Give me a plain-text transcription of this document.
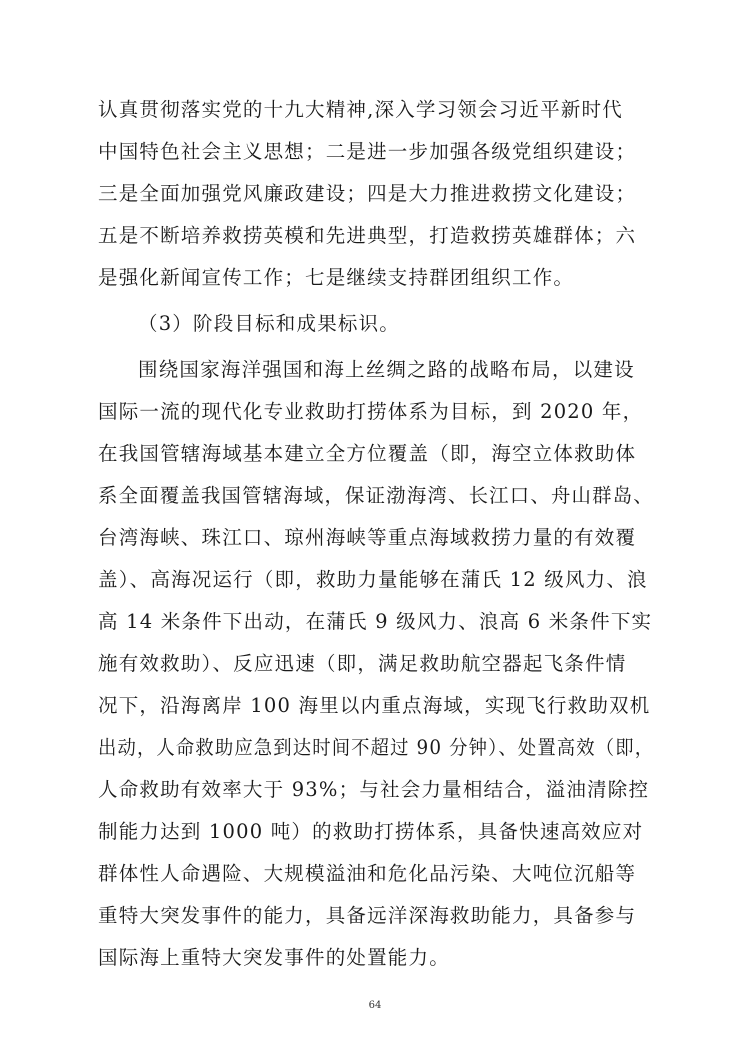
认真贯彻落实党的十九大精神,深入学习领会习近平新时代
中国特色社会主义思想；二是进一步加强各级党组织建设；
三是全面加强党风廉政建设；四是大力推进救捞文化建设；
五是不断培养救捞英模和先进典型，打造救捞英雄群体；六
是强化新闻宣传工作；七是继续支持群团组织工作。
（3）阶段目标和成果标识。
围绕国家海洋强国和海上丝绸之路的战略布局，以建设
国际一流的现代化专业救助打捞体系为目标，到 2020 年，
在我国管辖海域基本建立全方位覆盖（即，海空立体救助体
系全面覆盖我国管辖海域，保证渤海湾、长江口、舟山群岛、
台湾海峡、珠江口、琼州海峡等重点海域救捞力量的有效覆
盖）、高海况运行（即，救助力量能够在蒲氏 12 级风力、浪
高 14 米条件下出动，在蒲氏 9 级风力、浪高 6 米条件下实
施有效救助）、反应迅速（即，满足救助航空器起飞条件情
况下，沿海离岸 100 海里以内重点海域，实现飞行救助双机
出动，人命救助应急到达时间不超过 90 分钟）、处置高效（即，
人命救助有效率大于 93%；与社会力量相结合，溢油清除控
制能力达到 1000 吨）的救助打捞体系，具备快速高效应对
群体性人命遇险、大规模溢油和危化品污染、大吨位沉船等
重特大突发事件的能力，具备远洋深海救助能力，具备参与
国际海上重特大突发事件的处置能力。
64
